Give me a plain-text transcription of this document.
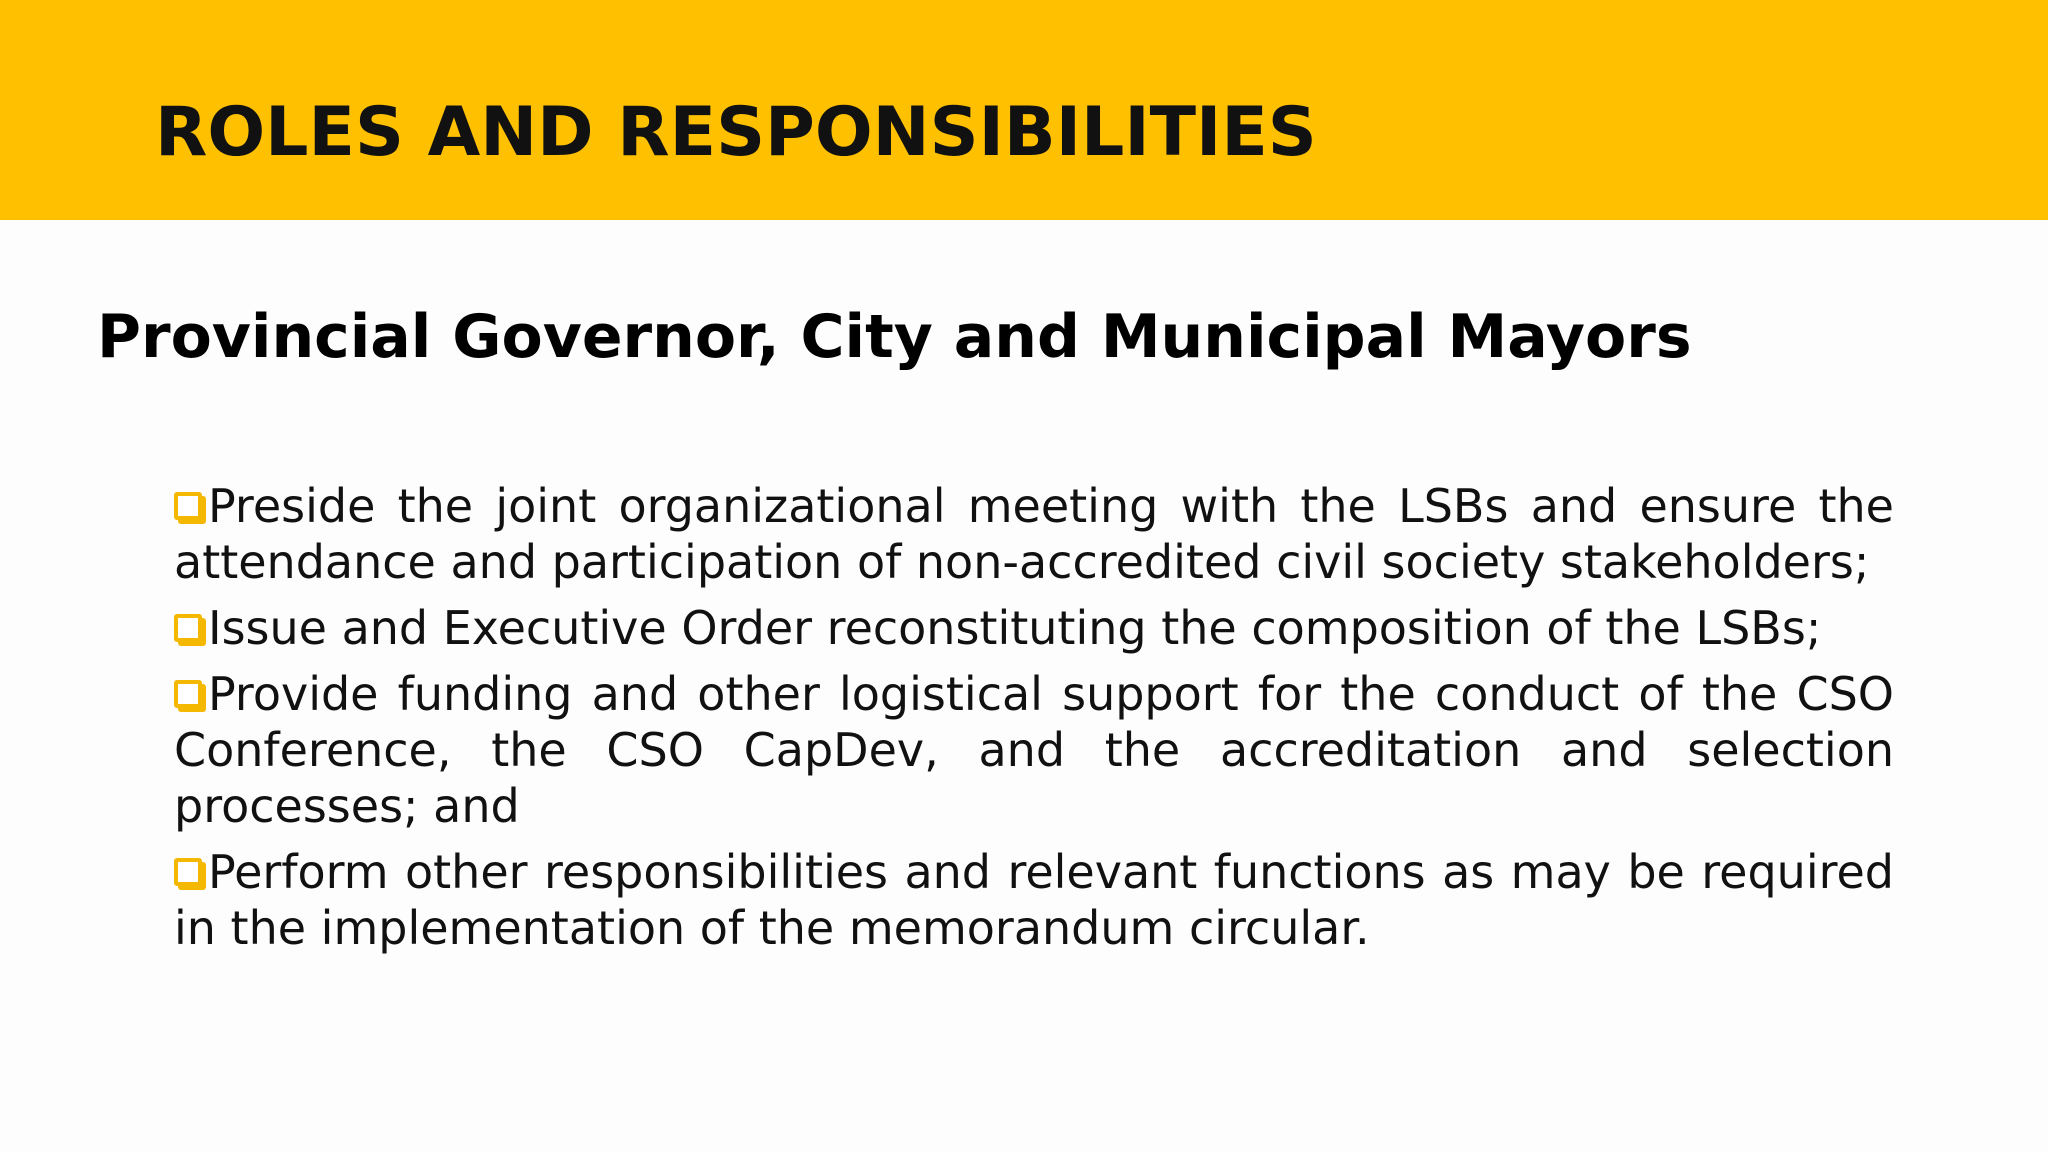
ROLES AND RESPONSIBILITIES
Provincial Governor, City and Municipal Mayors
Preside the joint organizational meeting with the LSBs and ensure the attendance and participation of non-accredited civil society stakeholders;
Issue and Executive Order reconstituting the composition of the LSBs;
Provide funding and other logistical support for the conduct of the CSO Conference, the CSO CapDev, and the accreditation and selection processes; and
Perform other responsibilities and relevant functions as may be required in the implementation of the memorandum circular.
